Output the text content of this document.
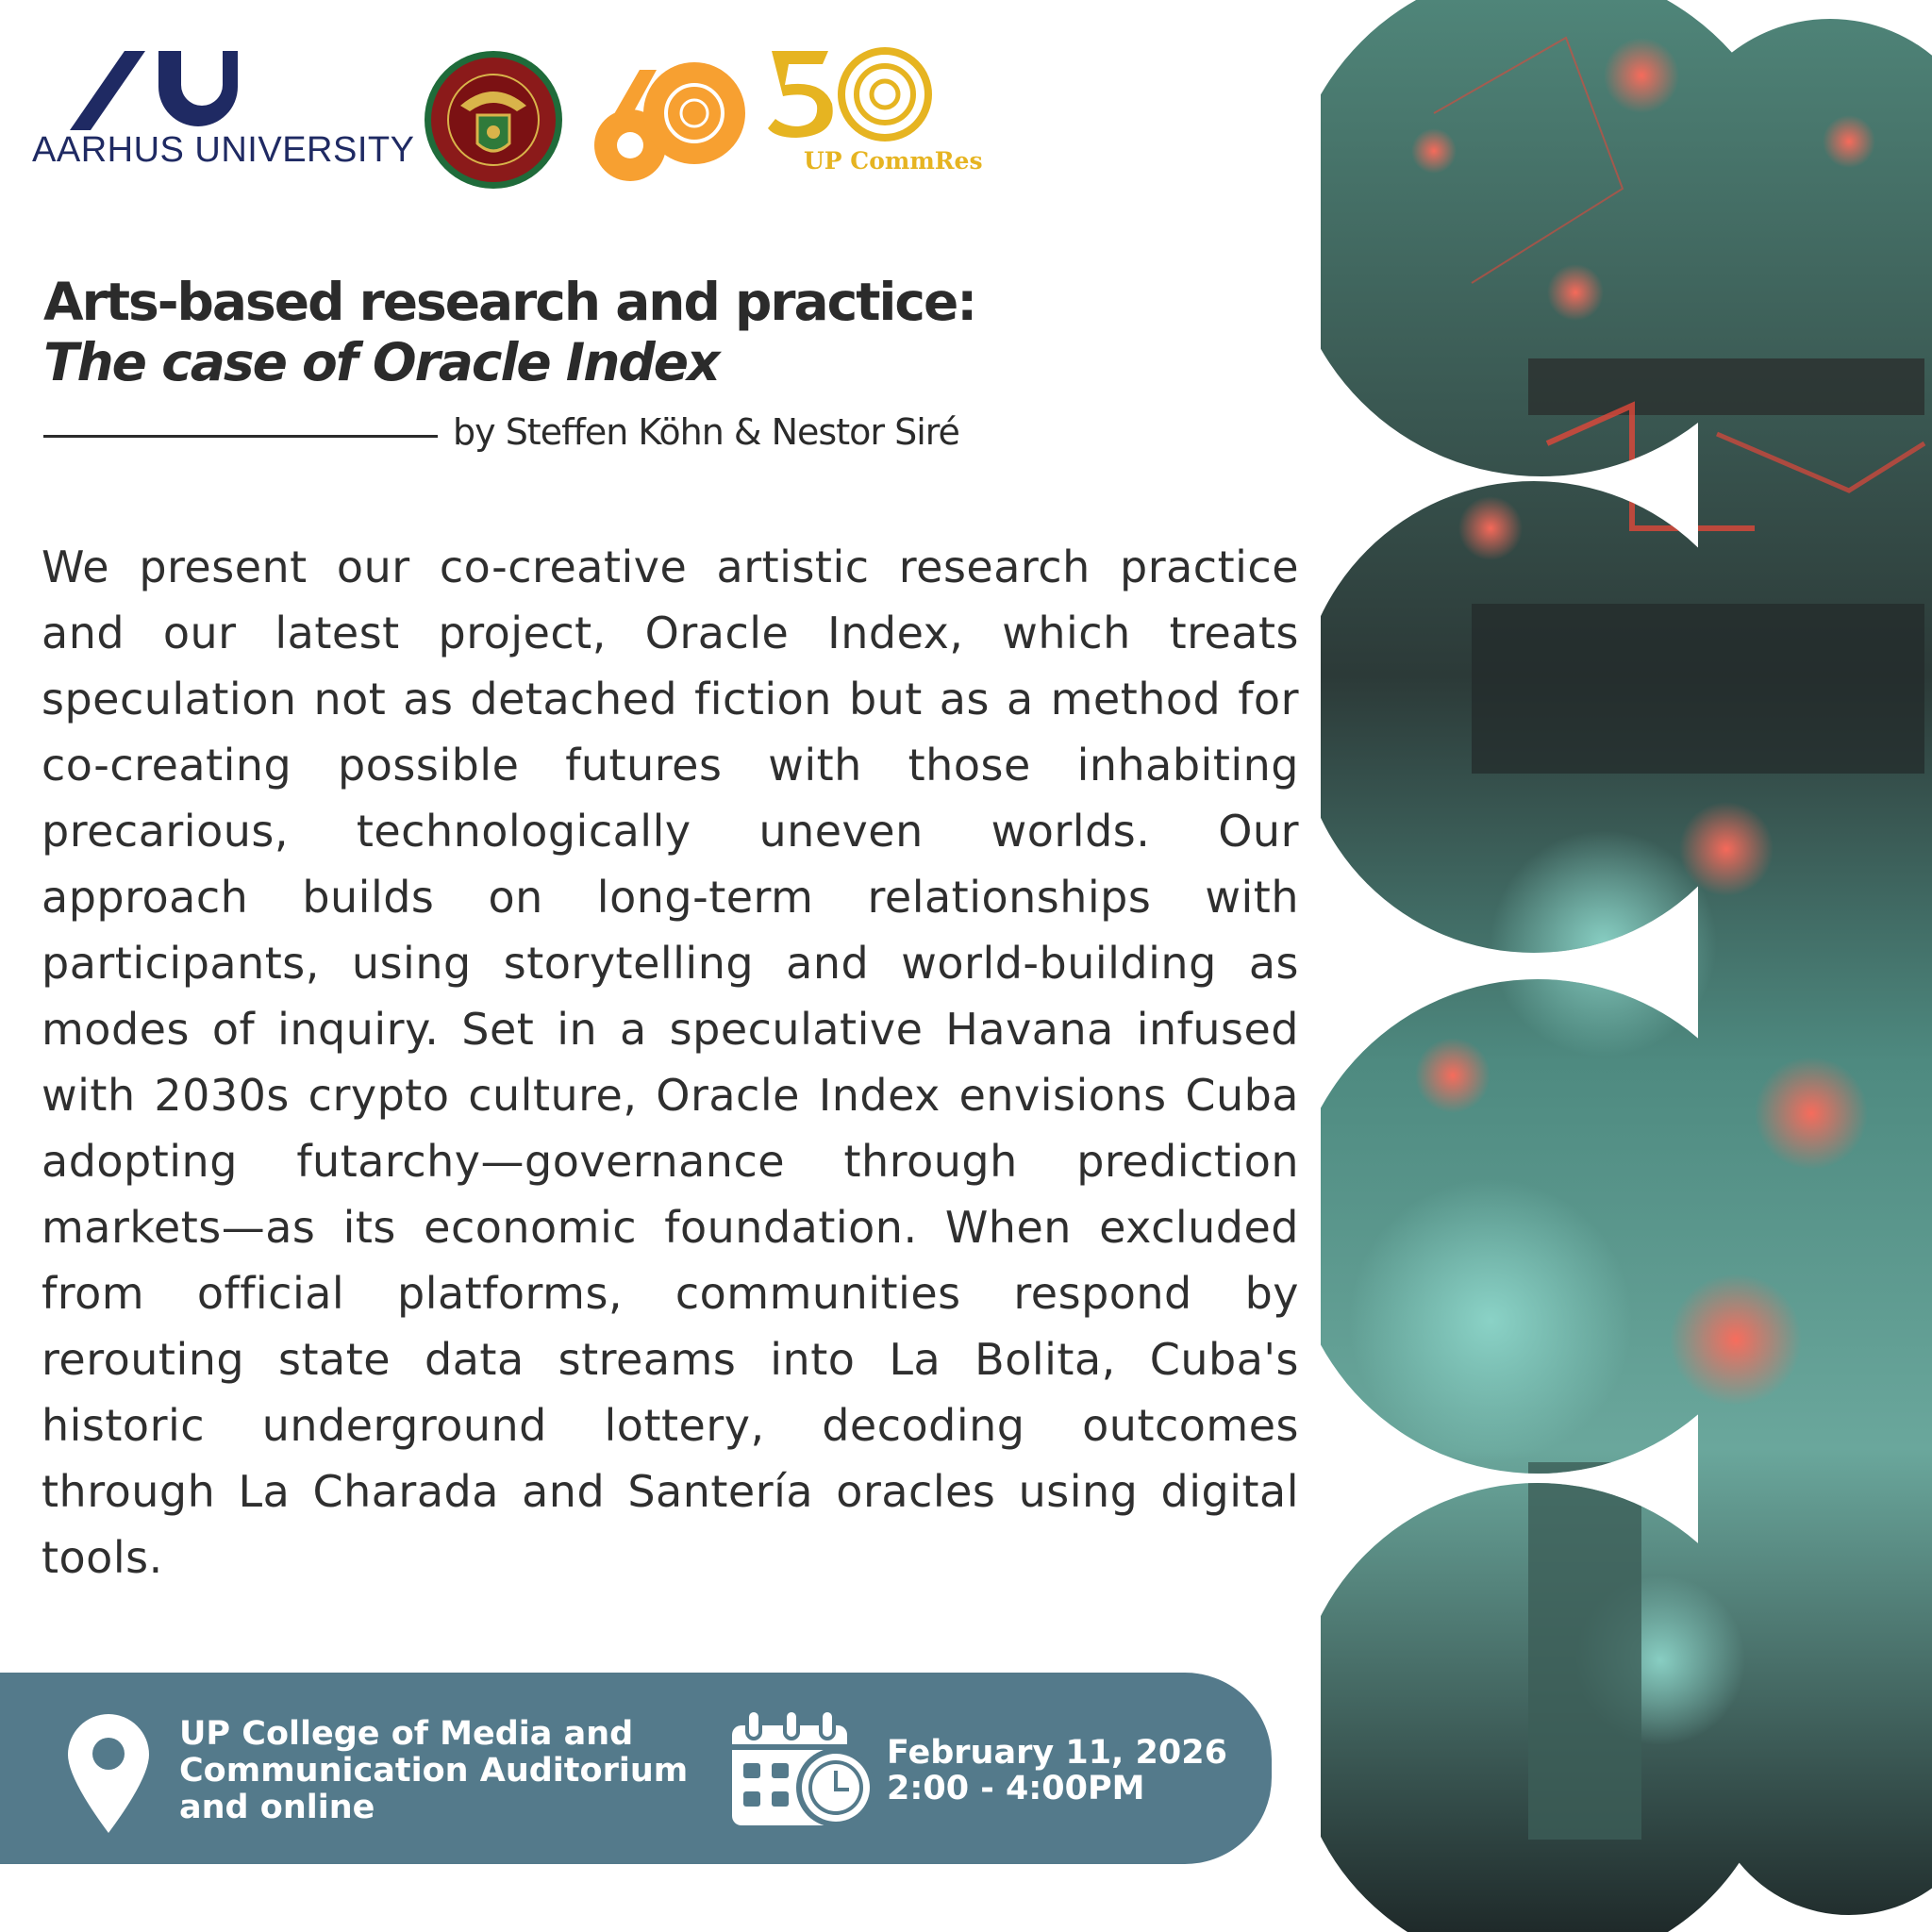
AARHUS UNIVERSITY	UP CommRes
Arts-based research and practice:
The case of Oracle Index
by Steffen Köhn & Nestor Siré

We present our co-creative artistic research practice and our latest project, Oracle Index, which treats speculation not as detached fiction but as a method for co-creating possible futures with those inhabiting precarious, technologically uneven worlds. Our approach builds on long-term relationships with participants, using storytelling and world-building as modes of inquiry. Set in a speculative Havana infused with 2030s crypto culture, Oracle Index envisions Cuba adopting futarchy—governance through prediction markets—as its economic foundation. When excluded from official platforms, communities respond by rerouting state data streams into La Bolita, Cuba's historic underground lottery, decoding outcomes through La Charada and Santería oracles using digital tools.

UP College of Media and
Communication Auditorium
and online
February 11, 2026
2:00 - 4:00PM
